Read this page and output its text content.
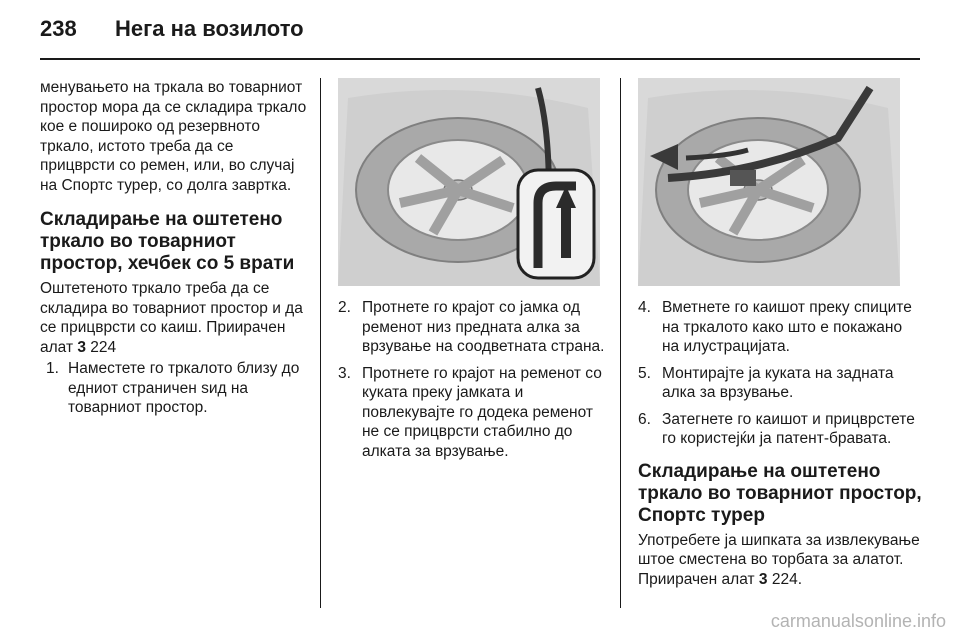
238 Нега на возилото

менувањето на тркала во товарниот простор мора да се складира тркало кое е пошироко од резервното тркало, истото треба да се прицврсти со ремен, или, во случај на Спортс турер, со долга завртка.

Складирање на оштетено тркало во товарниот простор, хечбек со 5 врати

Оштетеното тркало треба да се складира во товарниот простор и да се прицврсти со каиш. Приирачен алат 3 224

1. Наместете го тркалото близу до едниот страничен ѕид на товарниот простор.
2. Протнете го крајот со јамка од ременот низ предната алка за врзување на соодветната страна.
3. Протнете го крајот на ременот со куката преку јамката и повлекувајте го додека ременот не се прицврсти стабилно до алката за врзување.
4. Вметнете го каишот преку спиците на тркалото како што е покажано на илустрацијата.
5. Монтирајте ја куката на задната алка за врзување.
6. Затегнете го каишот и прицврстете го користејќи ја патент-бравата.
Складирање на оштетено тркало во товарниот простор, Спортс турер

Употребете ја шипката за извлекување штое сместена во торбата за алатот. Приирачен алат 3 224.

carmanualsonline.info
